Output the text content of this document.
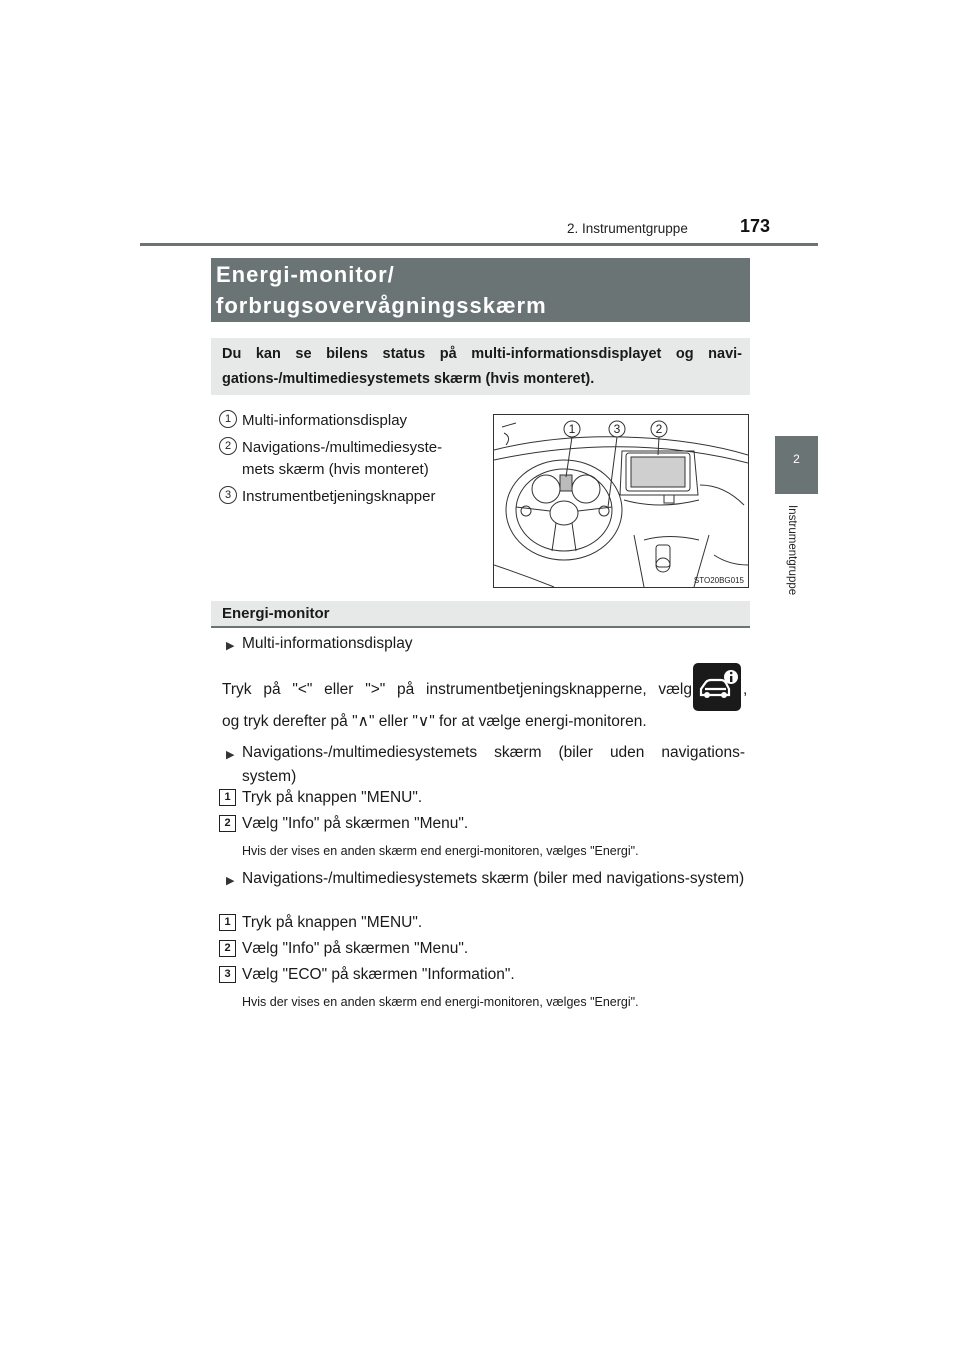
2. Instrumentgruppe	173
2
Instrumentgruppe
Energi-monitor/
forbrugsovervågningsskærm
Du kan se bilens status på multi-informationsdisplayet og navi-gations-/multimediesystemets skærm (hvis monteret).
1 Multi-informationsdisplay
2 Navigations-/multimediesyste-
mets skærm (hvis monteret)
3 Instrumentbetjeningsknapper
1	3	2
STO20BG015
Energi-monitor
▶ Multi-informationsdisplay
Tryk på "<" eller ">" på instrumentbetjeningsknapperne, vælg	,
og tryk derefter på "∧" eller "∨" for at vælge energi-monitoren.
▶ Navigations-/multimediesystemets skærm (biler uden navigations-system)
1 Tryk på knappen "MENU".
2 Vælg "Info" på skærmen "Menu".
Hvis der vises en anden skærm end energi-monitoren, vælges "Energi".
▶ Navigations-/multimediesystemets skærm (biler med navigations-system)
1 Tryk på knappen "MENU".
2 Vælg "Info" på skærmen "Menu".
3 Vælg "ECO" på skærmen "Information".
Hvis der vises en anden skærm end energi-monitoren, vælges "Energi".
